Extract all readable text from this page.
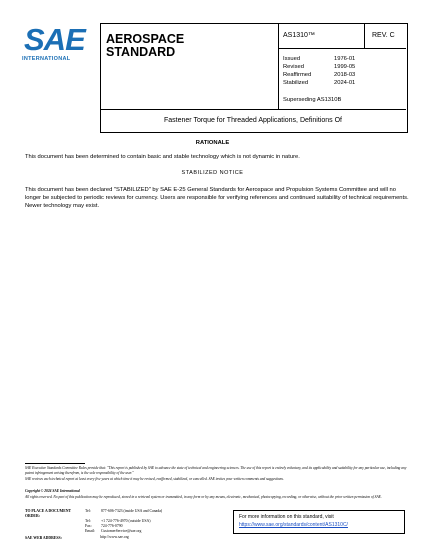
SAE
INTERNATIONAL
AEROSPACE STANDARD
AS1310™	REV. C
Issued	1976-01
Revised	1999-05
Reaffirmed	2018-03
Stabilized	2024-01
Superseding AS1310B
Fastener Torque for Threaded Applications, Definitions Of
RATIONALE
This document has been determined to contain basic and stable technology which is not dynamic in nature.
STABILIZED NOTICE
This document has been declared "STABILIZED" by SAE E-25 General Standards for Aerospace and Propulsion Systems Committee and will no longer be subjected to periodic reviews for currency. Users are responsible for verifying references and continued suitability of technical requirements. Newer technology may exist.
SAE Executive Standards Committee Rules provide that: "This report is published by SAE to advance the state of technical and engineering sciences. The use of this report is entirely voluntary, and its applicability and suitability for any particular use, including any patent infringement arising therefrom, is the sole responsibility of the user."
SAE reviews each technical report at least every five years at which time it may be revised, reaffirmed, stabilized, or cancelled. SAE invites your written comments and suggestions.
Copyright © 2024 SAE International
All rights reserved. No part of this publication may be reproduced, stored in a retrieval system or transmitted, in any form or by any means, electronic, mechanical, photocopying, recording, or otherwise, without the prior written permission of SAE.
TO PLACE A DOCUMENT ORDER:
Tel:	877-606-7323 (inside USA and Canada)
Tel:	+1 724-776-4970 (outside USA)
Fax:	724-776-0790
Email:	CustomerService@sae.org
SAE WEB ADDRESS:	http://www.sae.org
For more information on this standard, visit
https://www.sae.org/standards/content/AS1310C/
